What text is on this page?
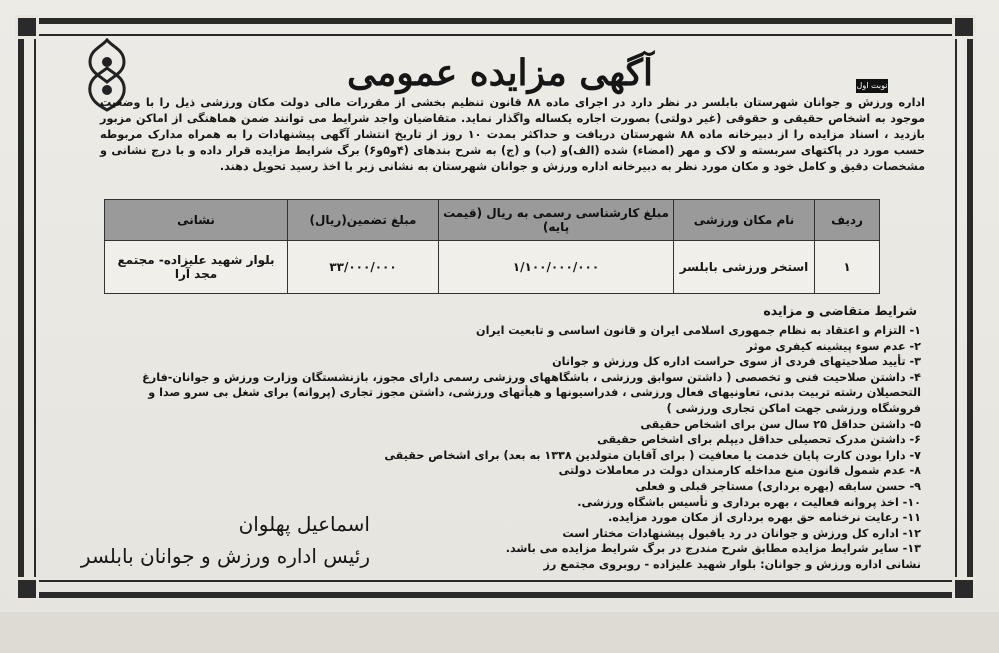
آگهی مزایده عمومی	نوبت اول
اداره ورزش و جوانان شهرستان بابلسر در نظر دارد در اجرای ماده ۸۸ قانون تنظیم بخشی از مقررات مالی دولت مکان ورزشی ذیل را با وضعیت موجود به اشخاص حقیقی و حقوقی (غیر دولتی) بصورت اجاره یکساله واگذار نماید. متقاضیان واجد شرایط می توانند ضمن هماهنگی از اماکن مزبور بازدید ، اسناد مزایده را از دبیرخانه ماده ۸۸ شهرستان دریافت و حداکثر بمدت ۱۰ روز از تاریخ انتشار آگهی پیشنهادات را به همراه مدارک مربوطه حسب مورد در پاکتهای سربسته و لاک و مهر (امضاء) شده (الف)و (ب) و (ج) به شرح بندهای (۴و۵و۶) برگ شرایط مزایده قرار داده و با درج نشانی و مشخصات دقیق و کامل خود و مکان مورد نظر به دبیرخانه اداره ورزش و جوانان شهرستان به نشانی زیر با اخذ رسید تحویل دهند.
ردیف	نام مکان ورزشی	مبلغ کارشناسی رسمی به ریال (قیمت پایه)	مبلغ تضمین(ریال)	نشانی
۱	استخر ورزشی بابلسر	۱/۱۰۰/۰۰۰/۰۰۰	۳۳/۰۰۰/۰۰۰	بلوار شهید علیزاده- مجتمع مجد آرا
شرایط متقاضی و مزایده
۱- التزام و اعتقاد به نظام جمهوری اسلامی ایران و قانون اساسی و تابعیت ایران
۲- عدم سوء پیشینه کیفری موثر
۳- تأیید صلاحیتهای فردی از سوی حراست اداره کل ورزش و جوانان
۴- داشتن صلاحیت فنی و تخصصی ( داشتن سوابق ورزشی ، باشگاههای ورزشی رسمی دارای مجوز، بازنشستگان وزارت ورزش و جوانان-فارغ التحصیلان رشته تربیت بدنی، تعاونیهای فعال ورزشی ، فدراسیونها و هیأتهای ورزشی، داشتن مجوز تجاری (پروانه) برای شغل بی سرو صدا و فروشگاه ورزشی جهت اماکن تجاری ورزشی )
۵- داشتن حداقل ۲۵ سال سن برای اشخاص حقیقی
۶- داشتن مدرک تحصیلی حداقل دیپلم برای اشخاص حقیقی
۷- دارا بودن کارت پایان خدمت یا معافیت ( برای آقایان متولدین ۱۳۳۸ به بعد) برای اشخاص حقیقی
۸- عدم شمول قانون منع مداخله کارمندان دولت در معاملات دولتی
۹- حسن سابقه (بهره برداری) مستاجر قبلی و فعلی
۱۰- اخذ پروانه فعالیت ، بهره برداری و تأسیس باشگاه ورزشی.
۱۱- رعایت نرخنامه حق بهره برداری از مکان مورد مزایده.
۱۲- اداره کل ورزش و جوانان در رد یاقبول پیشنهادات مختار است
۱۳- سایر شرایط مزایده مطابق شرح مندرج در برگ شرایط مزایده می باشد.
نشانی اداره ورزش و جوانان: بلوار شهید علیزاده - روبروی مجتمع رز
اسماعیل پهلوان
رئیس اداره ورزش و جوانان بابلسر
